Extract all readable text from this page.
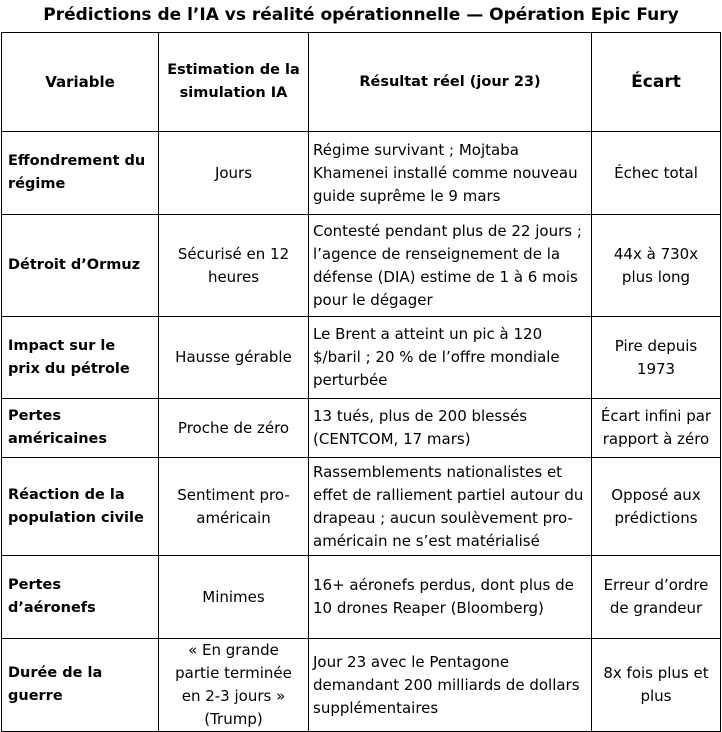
Prédictions de l’IA vs réalité opérationnelle — Opération Epic Fury
Variable	Estimation de la simulation IA	Résultat réel (jour 23)	Écart
Effondrement du régime	Jours	Régime survivant ; Mojtaba Khamenei installé comme nouveau guide suprême le 9 mars	Échec total
Détroit d’Ormuz	Sécurisé en 12 heures	Contesté pendant plus de 22 jours ; l’agence de renseignement de la défense (DIA) estime de 1 à 6 mois pour le dégager	44x à 730x plus long
Impact sur le prix du pétrole	Hausse gérable	Le Brent a atteint un pic à 120 $/baril ; 20 % de l’offre mondiale perturbée	Pire depuis 1973
Pertes américaines	Proche de zéro	13 tués, plus de 200 blessés (CENTCOM, 17 mars)	Écart infini par rapport à zéro
Réaction de la population civile	Sentiment pro-américain	Rassemblements nationalistes et effet de ralliement partiel autour du drapeau ; aucun soulèvement pro-américain ne s’est matérialisé	Opposé aux prédictions
Pertes d’aéronefs	Minimes	16+ aéronefs perdus, dont plus de 10 drones Reaper (Bloomberg)	Erreur d’ordre de grandeur
Durée de la guerre	« En grande partie terminée en 2-3 jours » (Trump)	Jour 23 avec le Pentagone demandant 200 milliards de dollars supplémentaires	8x fois plus et plus
